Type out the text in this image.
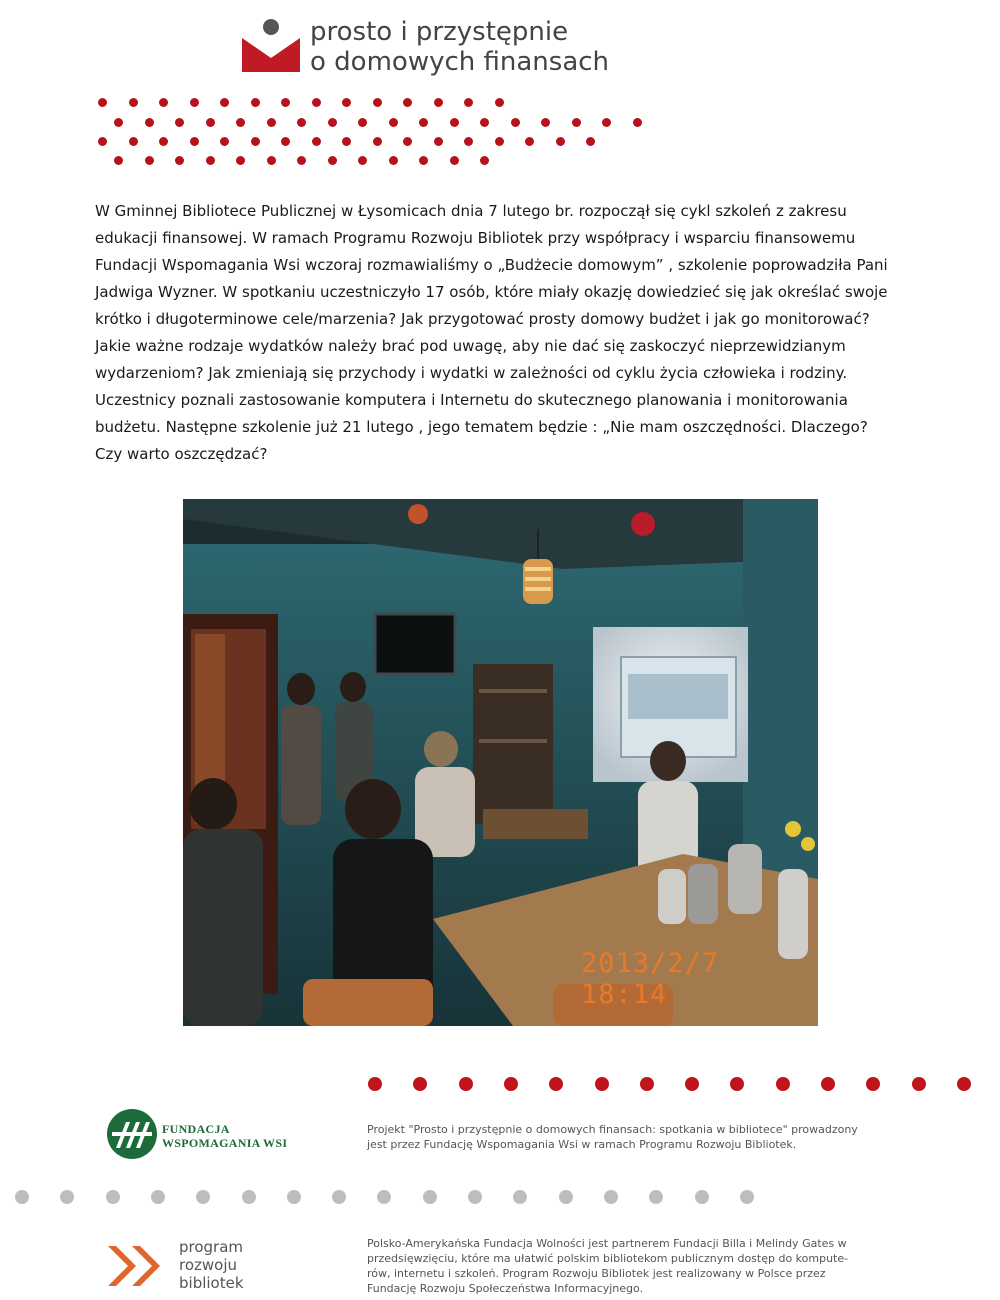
prosto i przystępnie
o domowych finansach
W Gminnej Bibliotece Publicznej w Łysomicach dnia 7 lutego br. rozpoczął się cykl szkoleń z zakresu edukacji finansowej. W ramach Programu Rozwoju Bibliotek przy współpracy i wsparciu finansowemu Fundacji Wspomagania Wsi wczoraj rozmawialiśmy o „Budżecie domowym” , szkolenie poprowadziła Pani Jadwiga Wyzner. W spotkaniu uczestniczyło 17 osób, które miały okazję dowiedzieć się jak określać swoje krótko i długoterminowe cele/marzenia? Jak przygotować prosty domowy budżet i jak go monitorować? Jakie ważne rodzaje wydatków należy brać pod uwagę, aby nie dać się zaskoczyć nieprzewidzianym wydarzeniom? Jak zmieniają się przychody i wydatki w zależności od cyklu życia człowieka i rodziny. Uczestnicy poznali zastosowanie komputera i Internetu do skutecznego planowania i monitorowania budżetu. Następne szkolenie już 21 lutego , jego tematem będzie : „Nie mam oszczędności. Dlaczego? Czy warto oszczędzać?
2013/2/7 18:14
FUNDACJA
WSPOMAGANIA WSI
Projekt "Prosto i przystępnie o domowych finansach: spotkania w bibliotece" prowadzony
jest przez Fundację Wspomagania Wsi w ramach Programu Rozwoju Bibliotek.
program
rozwoju
bibliotek
Polsko-Amerykańska Fundacja Wolności jest partnerem Fundacji Billa i Melindy Gates w
przedsięwzięciu, które ma ułatwić polskim bibliotekom publicznym dostęp do kompute-
rów, internetu i szkoleń. Program Rozwoju Bibliotek jest realizowany w Polsce przez
Fundację Rozwoju Społeczeństwa Informacyjnego.
